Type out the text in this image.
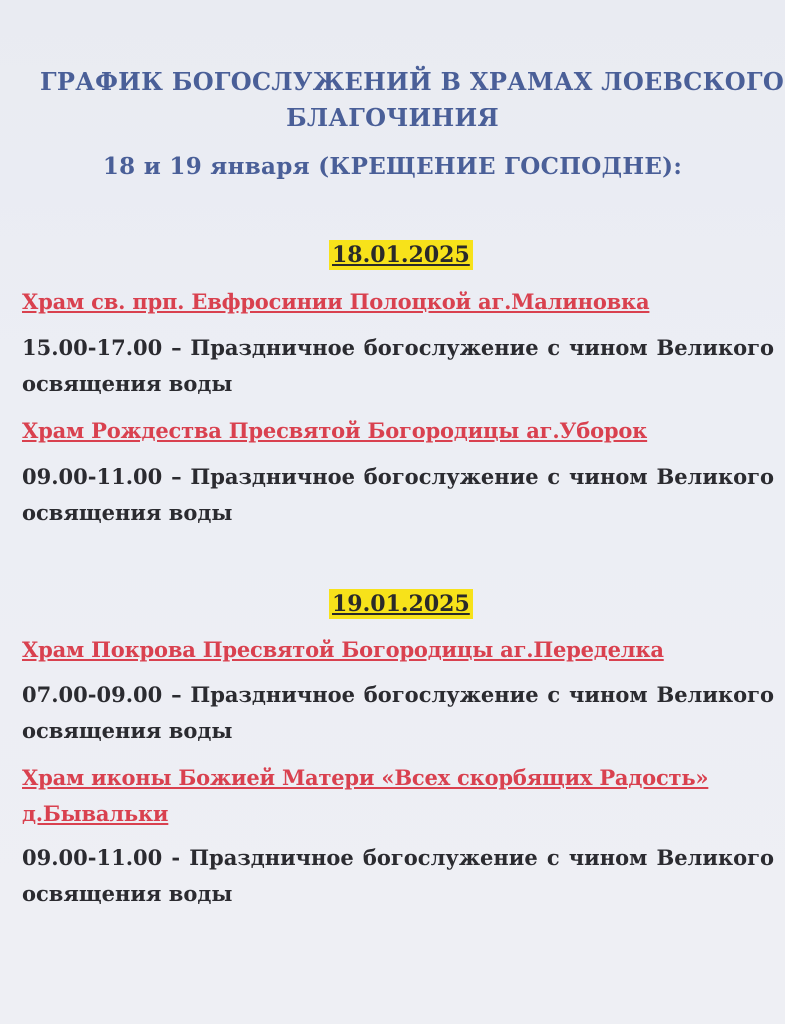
ГРАФИК БОГОСЛУЖЕНИЙ В ХРАМАХ ЛОЕВСКОГО
БЛАГОЧИНИЯ
18 и 19 января (КРЕЩЕНИЕ ГОСПОДНЕ):
18.01.2025
Храм св. прп. Евфросинии Полоцкой аг.Малиновка
15.00-17.00 – Праздничное богослужение с чином Великого
освящения воды
Храм Рождества Пресвятой Богородицы аг.Уборок
09.00-11.00 – Праздничное богослужение с чином Великого
освящения воды
19.01.2025
Храм Покрова Пресвятой Богородицы аг.Переделка
07.00-09.00 – Праздничное богослужение с чином Великого
освящения воды
Храм иконы Божией Матери «Всех скорбящих Радость»
д.Бывальки
09.00-11.00 - Праздничное богослужение с чином Великого
освящения воды
